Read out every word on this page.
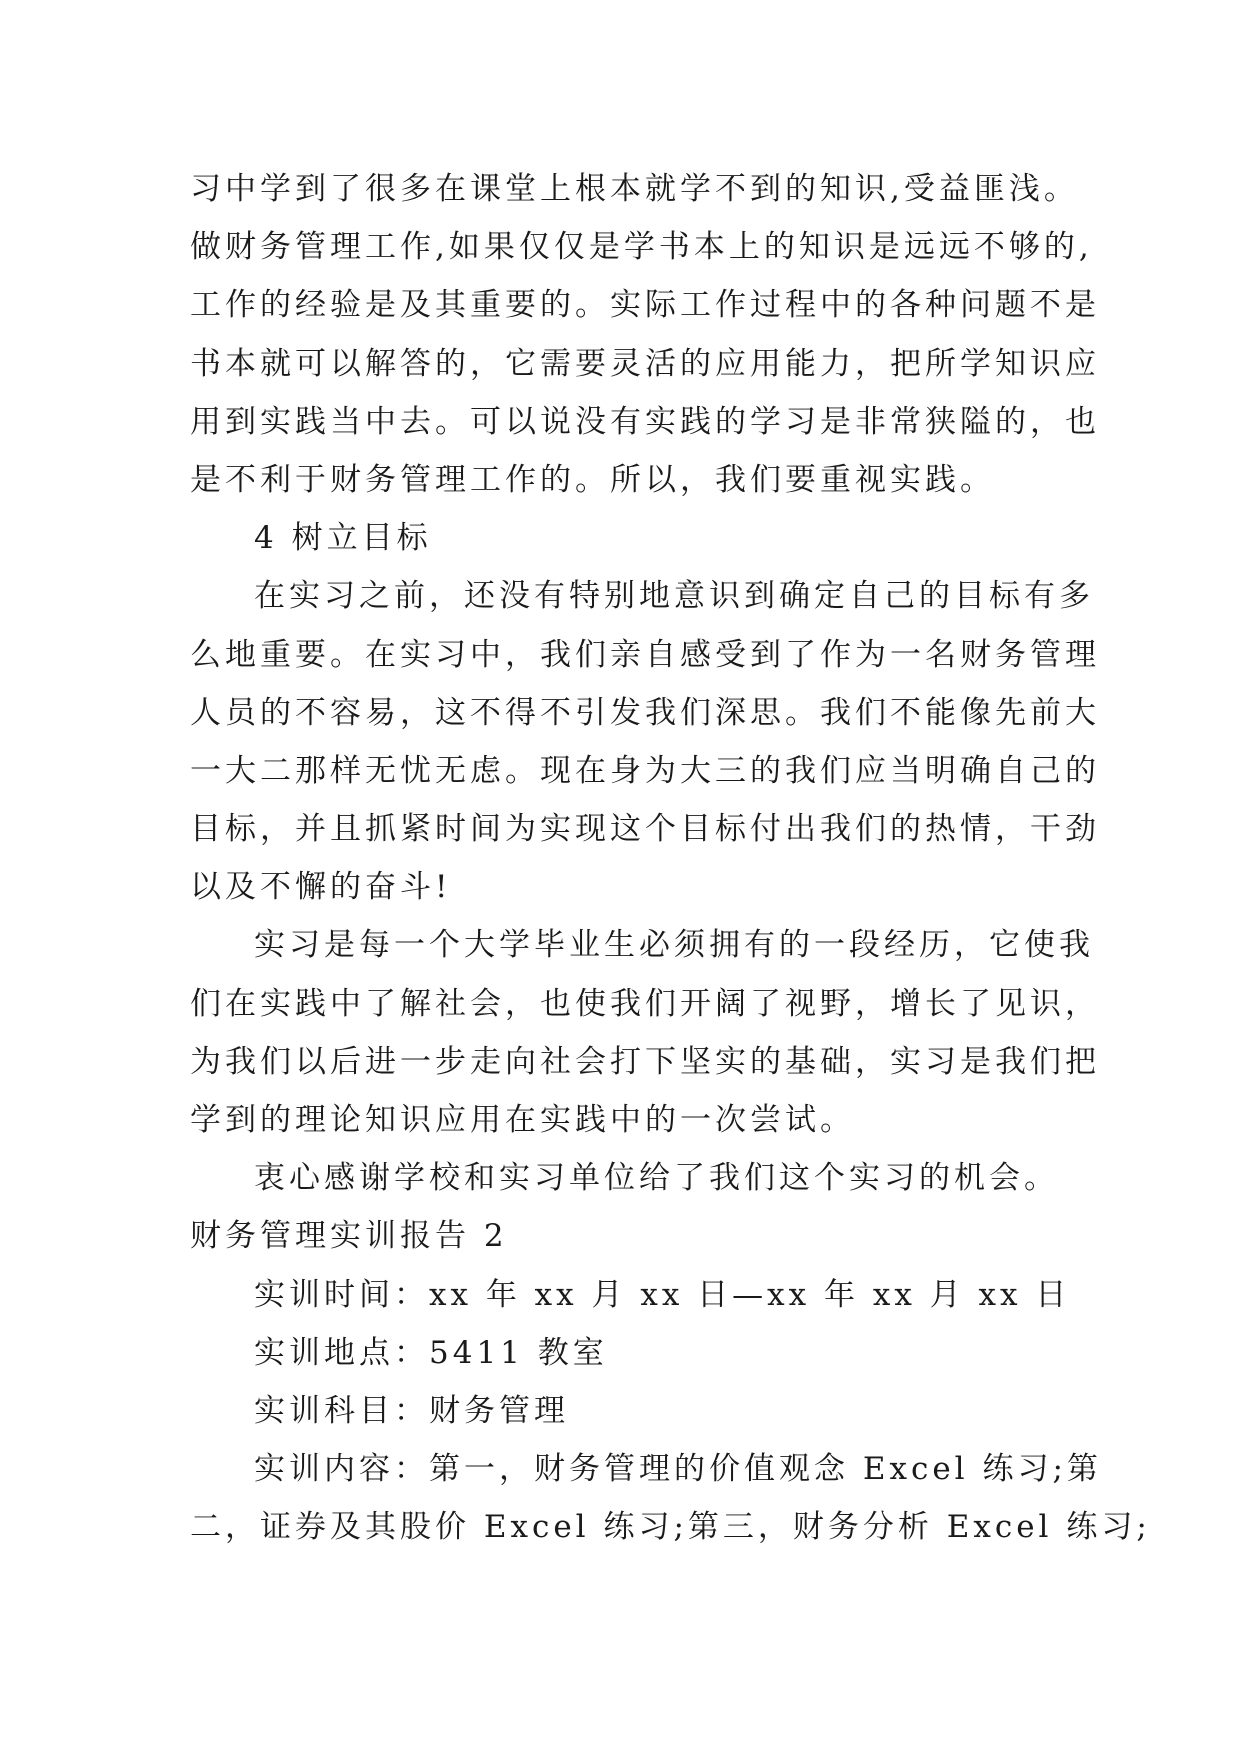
习中学到了很多在课堂上根本就学不到的知识,受益匪浅。
做财务管理工作,如果仅仅是学书本上的知识是远远不够的,
工作的经验是及其重要的。实际工作过程中的各种问题不是
书本就可以解答的，它需要灵活的应用能力，把所学知识应
用到实践当中去。可以说没有实践的学习是非常狭隘的，也
是不利于财务管理工作的。所以，我们要重视实践。
4 树立目标
在实习之前，还没有特别地意识到确定自己的目标有多
么地重要。在实习中，我们亲自感受到了作为一名财务管理
人员的不容易，这不得不引发我们深思。我们不能像先前大
一大二那样无忧无虑。现在身为大三的我们应当明确自己的
目标，并且抓紧时间为实现这个目标付出我们的热情，干劲
以及不懈的奋斗!
实习是每一个大学毕业生必须拥有的一段经历，它使我
们在实践中了解社会，也使我们开阔了视野，增长了见识，
为我们以后进一步走向社会打下坚实的基础，实习是我们把
学到的理论知识应用在实践中的一次尝试。
衷心感谢学校和实习单位给了我们这个实习的机会。
财务管理实训报告 2
实训时间：xx 年 xx 月 xx 日—xx 年 xx 月 xx 日
实训地点：5411 教室
实训科目：财务管理
实训内容：第一，财务管理的价值观念 Excel 练习;第
二，证券及其股价 Excel 练习;第三，财务分析 Excel 练习;
